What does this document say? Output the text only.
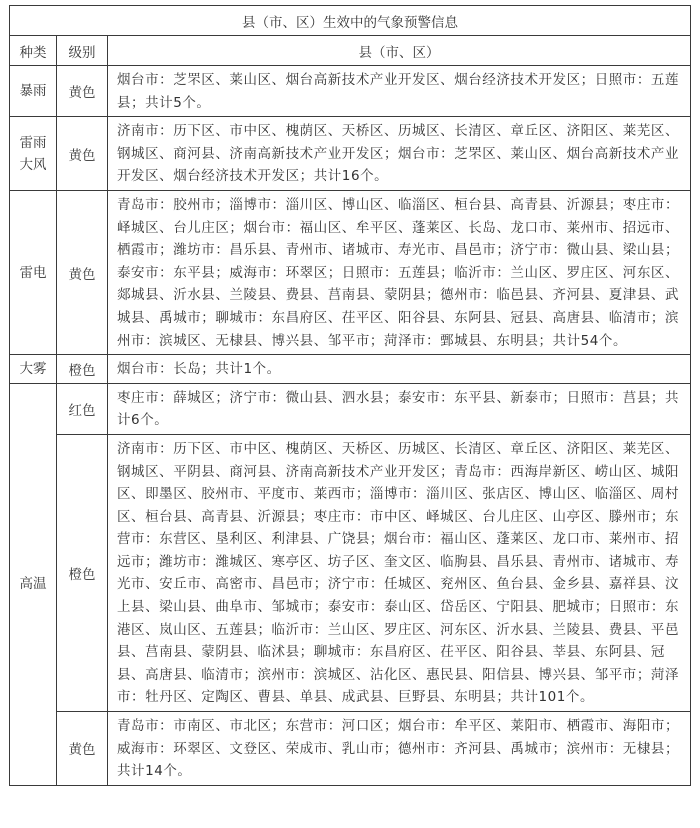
县（市、区）生效中的气象预警信息		
种类	级别	县（市、区）
暴雨	黄色	烟台市：芝罘区、莱山区、烟台高新技术产业开发区、烟台经济技术开发区；日照市：五莲县；共计5个。
雷雨大风	黄色	济南市：历下区、市中区、槐荫区、天桥区、历城区、长清区、章丘区、济阳区、莱芜区、钢城区、商河县、济南高新技术产业开发区；烟台市：芝罘区、莱山区、烟台高新技术产业开发区、烟台经济技术开发区；共计16个。
雷电	黄色	青岛市：胶州市；淄博市：淄川区、博山区、临淄区、桓台县、高青县、沂源县；枣庄市：峄城区、台儿庄区；烟台市：福山区、牟平区、蓬莱区、长岛、龙口市、莱州市、招远市、栖霞市；潍坊市：昌乐县、青州市、诸城市、寿光市、昌邑市；济宁市：微山县、梁山县；泰安市：东平县；威海市：环翠区；日照市：五莲县；临沂市：兰山区、罗庄区、河东区、郯城县、沂水县、兰陵县、费县、莒南县、蒙阴县；德州市：临邑县、齐河县、夏津县、武城县、禹城市；聊城市：东昌府区、茌平区、阳谷县、东阿县、冠县、高唐县、临清市；滨州市：滨城区、无棣县、博兴县、邹平市；菏泽市：鄄城县、东明县；共计54个。
大雾	橙色	烟台市：长岛；共计1个。
高温	红色	枣庄市：薛城区；济宁市：微山县、泗水县；泰安市：东平县、新泰市；日照市：莒县；共计6个。
	橙色	济南市：历下区、市中区、槐荫区、天桥区、历城区、长清区、章丘区、济阳区、莱芜区、钢城区、平阴县、商河县、济南高新技术产业开发区；青岛市：西海岸新区、崂山区、城阳区、即墨区、胶州市、平度市、莱西市；淄博市：淄川区、张店区、博山区、临淄区、周村区、桓台县、高青县、沂源县；枣庄市：市中区、峄城区、台儿庄区、山亭区、滕州市；东营市：东营区、垦利区、利津县、广饶县；烟台市：福山区、蓬莱区、龙口市、莱州市、招远市；潍坊市：潍城区、寒亭区、坊子区、奎文区、临朐县、昌乐县、青州市、诸城市、寿光市、安丘市、高密市、昌邑市；济宁市：任城区、兖州区、鱼台县、金乡县、嘉祥县、汶上县、梁山县、曲阜市、邹城市；泰安市：泰山区、岱岳区、宁阳县、肥城市；日照市：东港区、岚山区、五莲县；临沂市：兰山区、罗庄区、河东区、沂水县、兰陵县、费县、平邑县、莒南县、蒙阴县、临沭县；聊城市：东昌府区、茌平区、阳谷县、莘县、东阿县、冠县、高唐县、临清市；滨州市：滨城区、沾化区、惠民县、阳信县、博兴县、邹平市；菏泽市：牡丹区、定陶区、曹县、单县、成武县、巨野县、东明县；共计101个。
	黄色	青岛市：市南区、市北区；东营市：河口区；烟台市：牟平区、莱阳市、栖霞市、海阳市；威海市：环翠区、文登区、荣成市、乳山市；德州市：齐河县、禹城市；滨州市：无棣县；共计14个。
